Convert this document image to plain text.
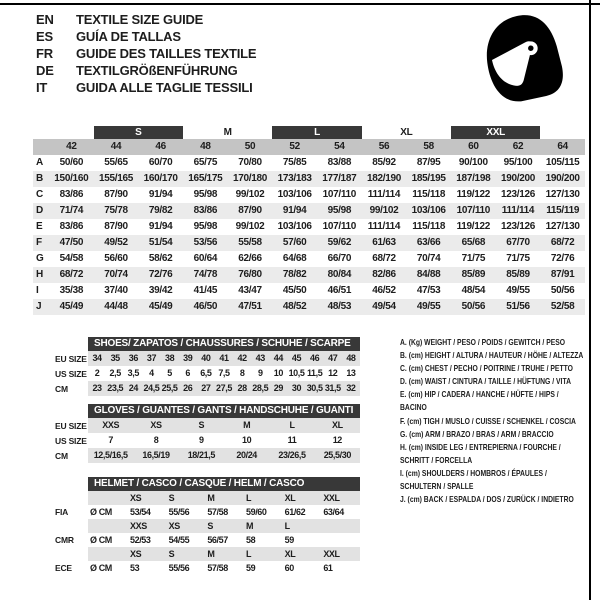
EN TEXTILE SIZE GUIDE
ES GUÍA DE TALLAS
FR GUIDE DES TAILLES TEXTILE
DE TEXTILGRÖßENFÜHRUNG
IT GUIDA ALLE TAGLIE TESSILI
S	M	L	XL	XXL
42	44	46	48	50	52	54	56	58	60	62	64
A	50/60	55/65	60/70	65/75	70/80	75/85	83/88	85/92	87/95	90/100	95/100	105/115
B	150/160	155/165	160/170	165/175	170/180	173/183	177/187	182/190	185/195	187/198	190/200	190/200
C	83/86	87/90	91/94	95/98	99/102	103/106	107/110	111/114	115/118	119/122	123/126	127/130
D	71/74	75/78	79/82	83/86	87/90	91/94	95/98	99/102	103/106	107/110	111/114	115/119
E	83/86	87/90	91/94	95/98	99/102	103/106	107/110	111/114	115/118	119/122	123/126	127/130
F	47/50	49/52	51/54	53/56	55/58	57/60	59/62	61/63	63/66	65/68	67/70	68/72
G	54/58	56/60	58/62	60/64	62/66	64/68	66/70	68/72	70/74	71/75	71/75	72/76
H	68/72	70/74	72/76	74/78	76/80	78/82	80/84	82/86	84/88	85/89	85/89	87/91
I	35/38	37/40	39/42	41/45	43/47	45/50	46/51	46/52	47/53	48/54	49/55	50/56
J	45/49	44/48	45/49	46/50	47/51	48/52	48/53	49/54	49/55	50/56	51/56	52/58
SHOES/ ZAPATOS / CHAUSSURES / SCHUHE / SCARPE
EU SIZE 34 35 36 37 38 39 40 41 42 43 44 45 46 47 48
US SIZE 2	2,5 3,5	4	5	6	6,5 7,5	8	9	10 10,5 11,5 12 13
CM	23 23,5 24 24,5 25,5 26 27 27,5 28 28,5 29 30 30,5 31,5 32
GLOVES / GUANTES / GANTS / HANDSCHUHE / GUANTI
EU SIZE	XXS	XS	S	M	L	XL
US SIZE	7	8	9	10	11	12
CM	12,5/16,5	16,5/19	18/21,5	20/24	23/26,5	25,5/30
HELMET / CASCO / CASQUE / HELM / CASCO
XS	S	M	L	XL	XXL
FIA	Ø CM	53/54	55/56	57/58	59/60	61/62	63/64
XXS	XS	S	M	L
CMR	Ø CM	52/53	54/55	56/57	58	59
XS	S	M	L	XL	XXL
ECE	Ø CM	53	55/56	57/58	59	60	61
A. (Kg) WEIGHT / PESO / POIDS / GEWITCH / PESO
B. (cm) HEIGHT / ALTURA / HAUTEUR / HÖHE / ALTEZZA
C. (cm) CHEST / PECHO / POITRINE / TRUHE / PETTO
D. (cm) WAIST / CINTURA / TAILLE / HÜFTUNG / VITA
E. (cm) HIP / CADERA / HANCHE / HÜFTE / HIPS / BACINO
F. (cm) TIGH / MUSLO / CUISSE / SCHENKEL / COSCIA
G. (cm) ARM / BRAZO / BRAS / ARM / BRACCIO
H. (cm) INSIDE LEG / ENTREPIERNA / FOURCHE / SCHRITT / FORCELLA
I. (cm) SHOULDERS / HOMBROS / ÉPAULES / SCHULTERN / SPALLE
J. (cm) BACK / ESPALDA / DOS / ZURÜCK / INDIETRO
